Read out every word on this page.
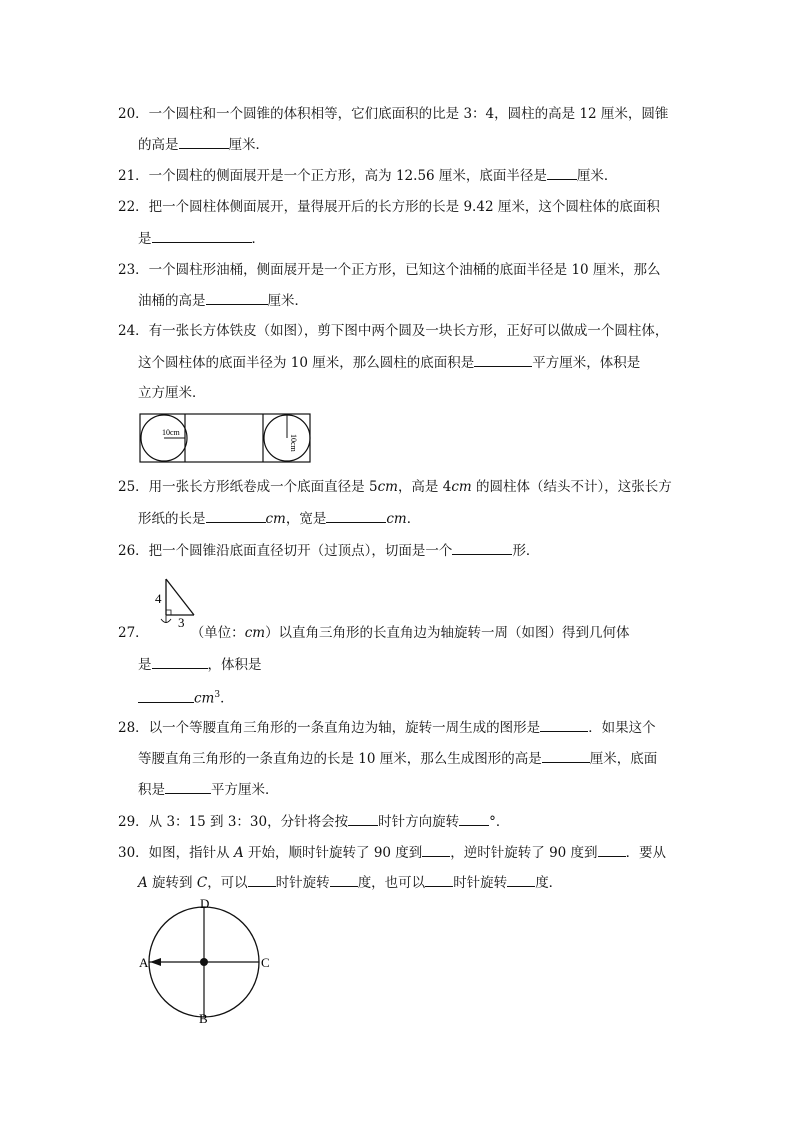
20．一个圆柱和一个圆锥的体积相等，它们底面积的比是 3：4，圆柱的高是 12 厘米，圆锥
的高是	厘米．
21．一个圆柱的侧面展开是一个正方形，高为 12.56 厘米，底面半径是 厘米．
22．把一个圆柱体侧面展开，量得展开后的长方形的长是 9.42 厘米，这个圆柱体的底面积
是	．
23．一个圆柱形油桶，侧面展开是一个正方形，已知这个油桶的底面半径是 10 厘米，那么
油桶的高是	厘米．
24．有一张长方体铁皮（如图），剪下图中两个圆及一块长方形，正好可以做成一个圆柱体，
这个圆柱体的底面半径为 10 厘米，那么圆柱的底面积是	平方厘米，体积是
立方厘米．
10cm
10cm
25．用一张长方形纸卷成一个底面直径是 5cm，高是 4cm 的圆柱体（结头不计），这张长方
形纸的长是	cm，宽是	cm．
26．把一个圆锥沿底面直径切开（过顶点），切面是一个	形．
4
3
27．	（单位：cm）以直角三角形的长直角边为轴旋转一周（如图）得到几何体
是	，体积是
$cm^3$．
28．以一个等腰直角三角形的一条直角边为轴，旋转一周生成的图形是	．如果这个
等腰直角三角形的一条直角边的长是 10 厘米，那么生成图形的高是	厘米，底面
积是	平方厘米．
29．从 3：15 到 3：30，分针将会按 时针方向旋转 °．
30．如图，指针从 A 开始，顺时针旋转了 90 度到 ，逆时针旋转了 90 度到 ．要从
A 旋转到 C，可以 时针旋转 度，也可以 时针旋转 度．
D
A	C
B
